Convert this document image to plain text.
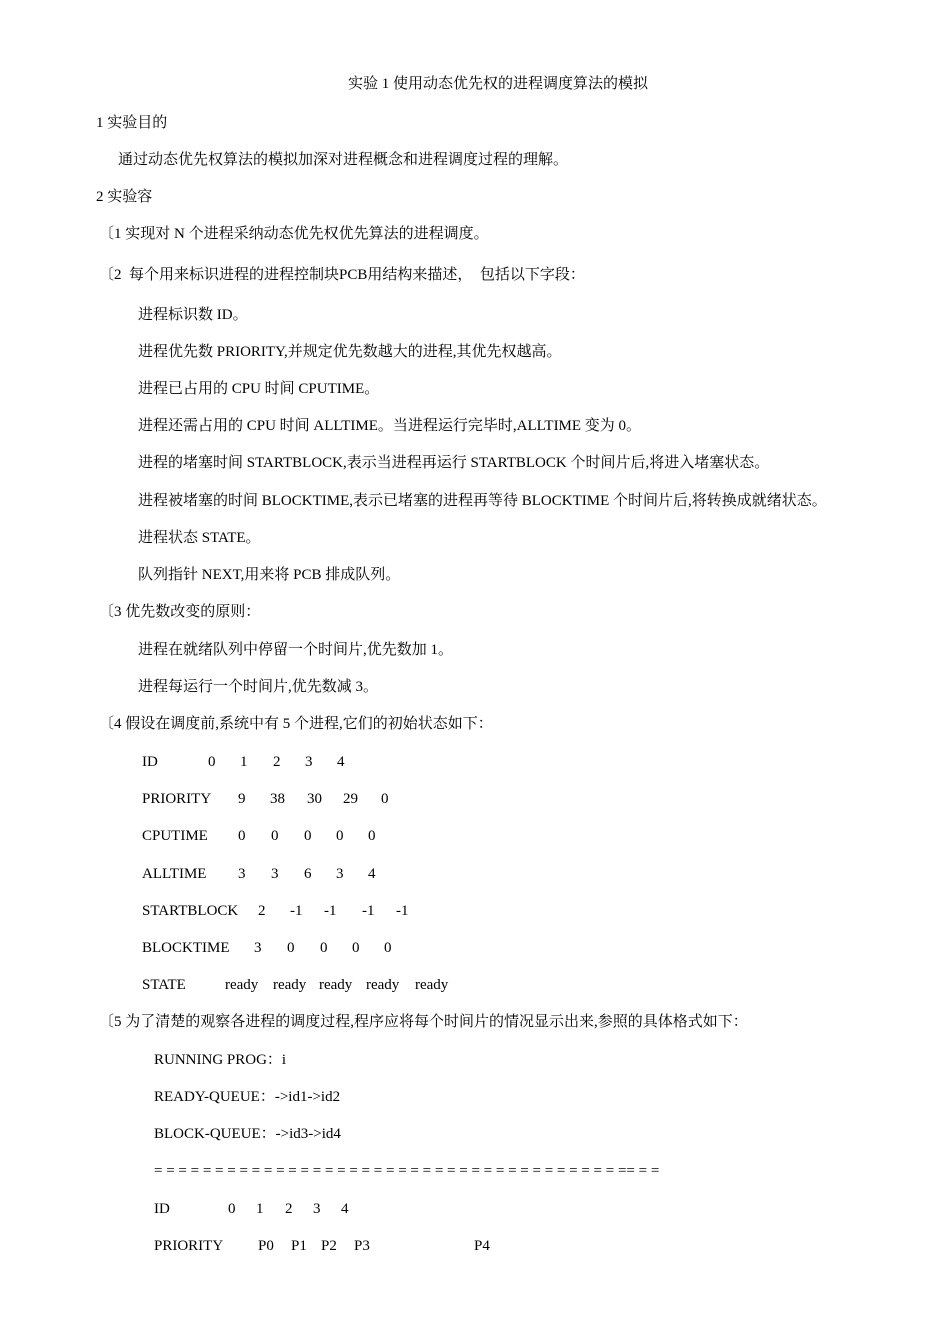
实验 1 使用动态优先权的进程调度算法的模拟
1 实验目的
通过动态优先权算法的模拟加深对进程概念和进程调度过程的理解。
2 实验容
〔1 实现对 N 个进程采纳动态优先权优先算法的进程调度。
〔2  每个用来标识进程的进程控制块PCB用结构来描述，  包括以下字段：
进程标识数 ID。
进程优先数 PRIORITY,并规定优先数越大的进程,其优先权越高。
进程已占用的 CPU 时间 CPUTIME。
进程还需占用的 CPU 时间 ALLTIME。当进程运行完毕时,ALLTIME 变为 0。
进程的堵塞时间 STARTBLOCK,表示当进程再运行 STARTBLOCK 个时间片后,将进入堵塞状态。
进程被堵塞的时间 BLOCKTIME,表示已堵塞的进程再等待 BLOCKTIME 个时间片后,将转换成就绪状态。
进程状态 STATE。
队列指针 NEXT,用来将 PCB 排成队列。
〔3 优先数改变的原则：
进程在就绪队列中停留一个时间片,优先数加 1。
进程每运行一个时间片,优先数减 3。
〔4 假设在调度前,系统中有 5 个进程,它们的初始状态如下：
ID	0 1 2 3 4
PRIORITY 9 38 30 29 0
CPUTIME 0 0 0 0 0
ALLTIME 3 3 6 3 4
STARTBLOCK 2 -1 -1 -1 -1
BLOCKTIME 3 0 0 0 0
STATE	ready ready ready ready ready
〔5 为了清楚的观察各进程的调度过程,程序应将每个时间片的情况显示出来,参照的具体格式如下：
RUNNING PROG：i
READY-QUEUE：->id1->id2
BLOCK-QUEUE：->id3->id4
= = = = = = = = = = = = = = = = = = = = = = = = = = = = = = = = = = = = = = == = =
ID	0 1 2 3 4
PRIORITY P0 P1 P2 P3	P4
